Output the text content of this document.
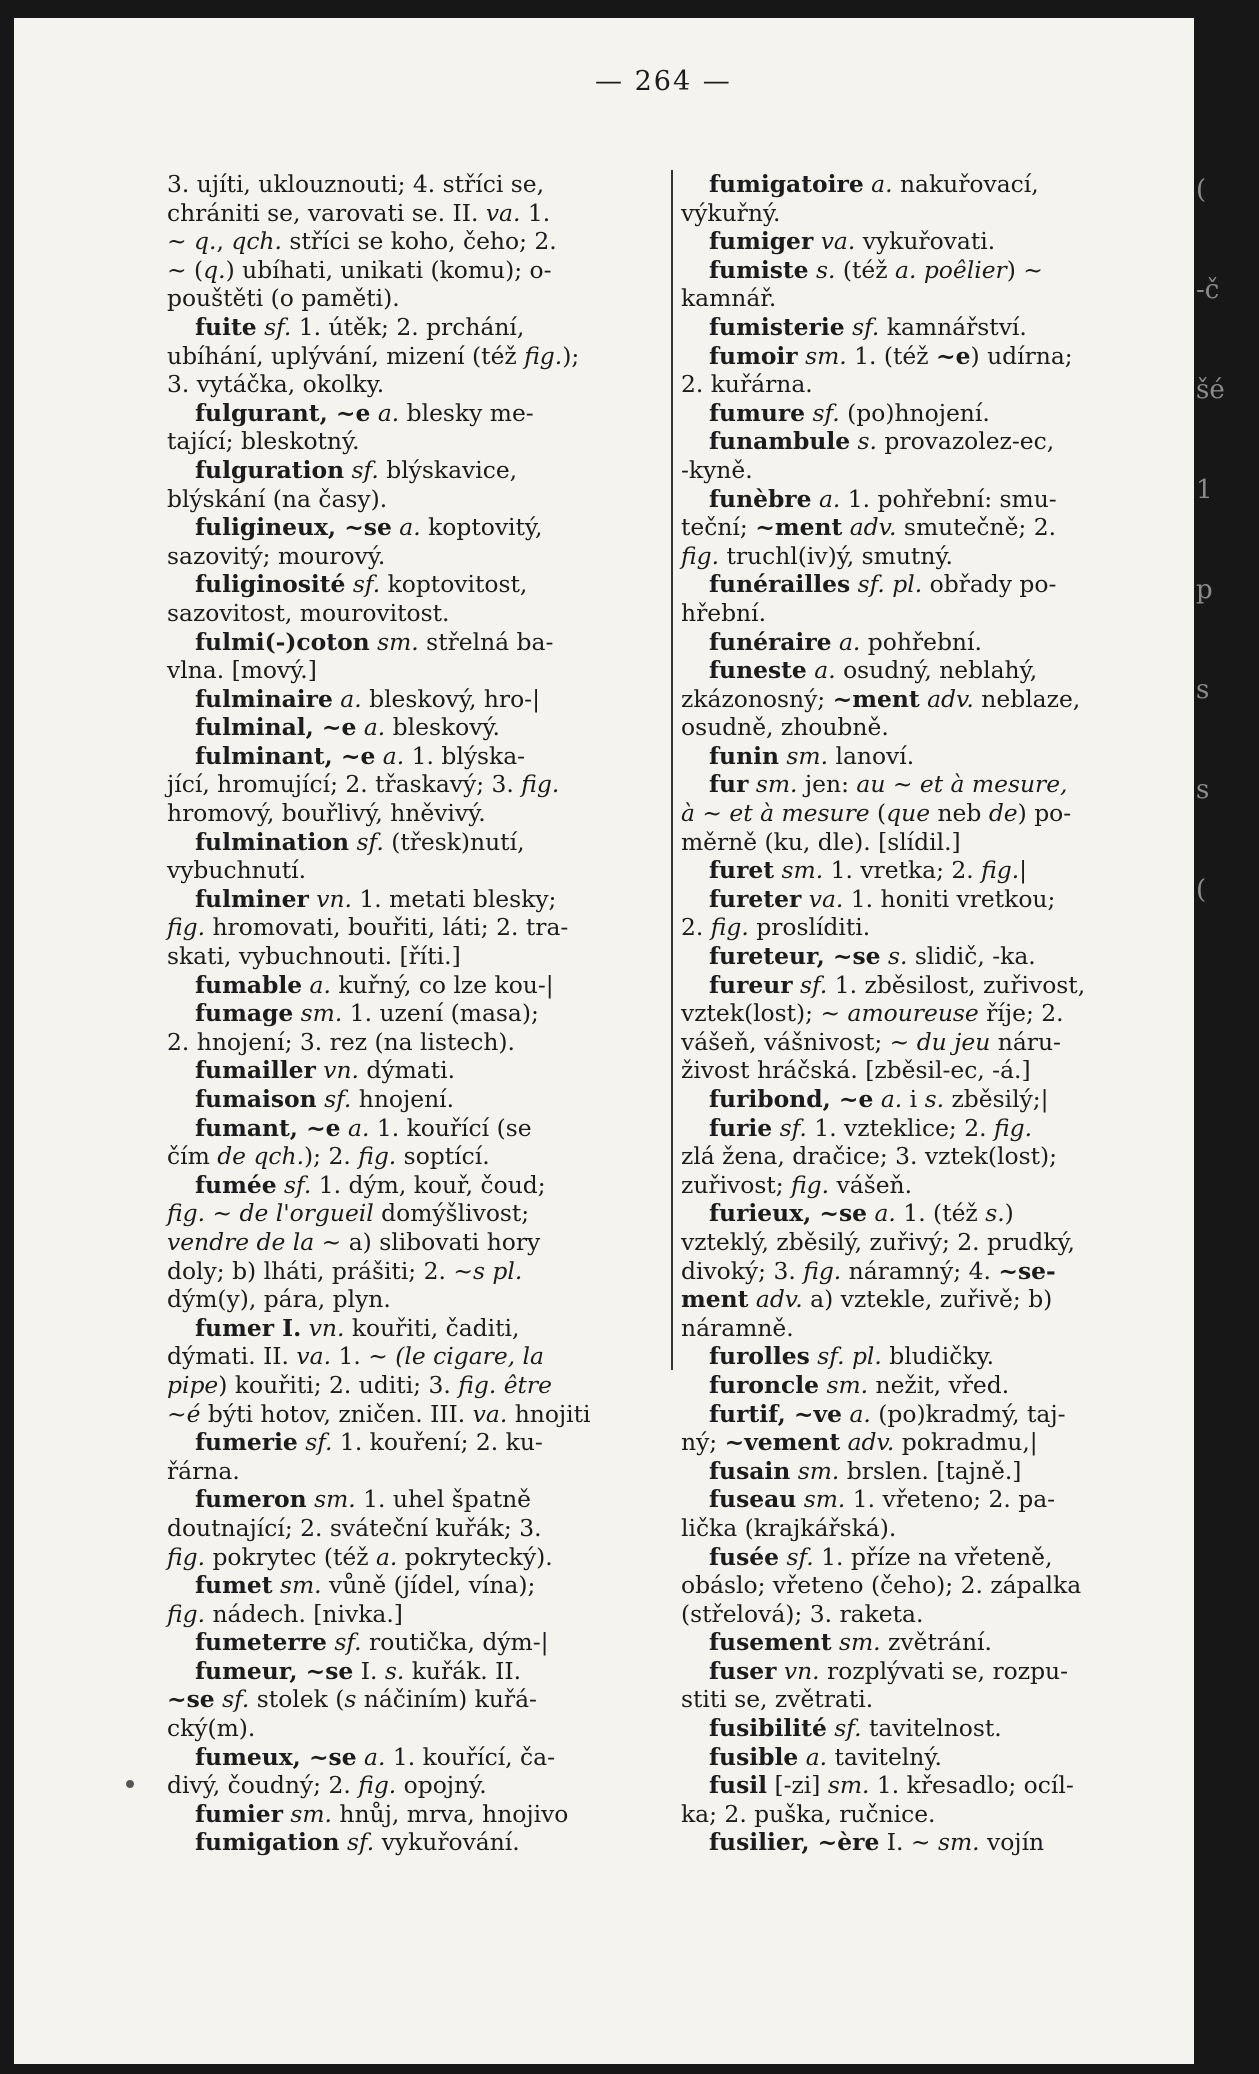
(
-č
šé
1
p
s
s
(
— 264 —
3. ujíti, uklouznouti; 4. stříci se,
chrániti se, varovati se. II. va. 1.
~ q., qch. stříci se koho, čeho; 2.
~ (q.) ubíhati, unikati (komu); o-
pouštěti (o paměti).
fuite sf. 1. útěk; 2. prchání,
ubíhání, uplývání, mizení (též fig.);
3. vytáčka, okolky.
fulgurant, ~e a. blesky me-
tající; bleskotný.
fulguration sf. blýskavice,
blýskání (na časy).
fuligineux, ~se a. koptovitý,
sazovitý; mourový.
fuliginosité sf. koptovitost,
sazovitost, mourovitost.
fulmi(-)coton sm. střelná ba-
vlna. [mový.]
fulminaire a. bleskový, hro-|
fulminal, ~e a. bleskový.
fulminant, ~e a. 1. blýska-
jící, hromující; 2. třaskavý; 3. fig.
hromový, bouřlivý, hněvivý.
fulmination sf. (třesk)nutí,
vybuchnutí.
fulminer vn. 1. metati blesky;
fig. hromovati, bouřiti, láti; 2. tra-
skati, vybuchnouti. [říti.]
fumable a. kuřný, co lze kou-|
fumage sm. 1. uzení (masa);
2. hnojení; 3. rez (na listech).
fumailler vn. dýmati.
fumaison sf. hnojení.
fumant, ~e a. 1. kouřící (se
čím de qch.); 2. fig. soptící.
fumée sf. 1. dým, kouř, čoud;
fig. ~ de l'orgueil domýšlivost;
vendre de la ~ a) slibovati hory
doly; b) lháti, prášiti; 2. ~s pl.
dým(y), pára, plyn.
fumer I. vn. kouřiti, čaditi,
dýmati. II. va. 1. ~ (le cigare, la
pipe) kouřiti; 2. uditi; 3. fig. être
~é býti hotov, zničen. III. va. hnojiti
fumerie sf. 1. kouření; 2. ku-
řárna.
fumeron sm. 1. uhel špatně
doutnající; 2. sváteční kuřák; 3.
fig. pokrytec (též a. pokrytecký).
fumet sm. vůně (jídel, vína);
fig. nádech. [nivka.]
fumeterre sf. routička, dým-|
fumeur, ~se I. s. kuřák. II.
~se sf. stolek (s náčiním) kuřá-
cký(m).
fumeux, ~se a. 1. kouřící, ča-
divý, čoudný; 2. fig. opojný.
fumier sm. hnůj, mrva, hnojivo
fumigation sf. vykuřování.
fumigatoire a. nakuřovací,
výkuřný.
fumiger va. vykuřovati.
fumiste s. (též a. poêlier) ~
kamnář.
fumisterie sf. kamnářství.
fumoir sm. 1. (též ~e) udírna;
2. kuřárna.
fumure sf. (po)hnojení.
funambule s. provazolez-ec,
-kyně.
funèbre a. 1. pohřební: smu-
teční; ~ment adv. smutečně; 2.
fig. truchl(iv)ý, smutný.
funérailles sf. pl. obřady po-
hřební.
funéraire a. pohřební.
funeste a. osudný, neblahý,
zkázonosný; ~ment adv. neblaze,
osudně, zhoubně.
funin sm. lanoví.
fur sm. jen: au ~ et à mesure,
à ~ et à mesure (que neb de) po-
měrně (ku, dle). [slídil.]
furet sm. 1. vretka; 2. fig.|
fureter va. 1. honiti vretkou;
2. fig. proslíditi.
fureteur, ~se s. slidič, -ka.
fureur sf. 1. zběsilost, zuřivost,
vztek(lost); ~ amoureuse říje; 2.
vášeň, vášnivost; ~ du jeu náru-
živost hráčská. [zběsil-ec, -á.]
furibond, ~e a. i s. zběsilý;|
furie sf. 1. vzteklice; 2. fig.
zlá žena, dračice; 3. vztek(lost);
zuřivost; fig. vášeň.
furieux, ~se a. 1. (též s.)
vzteklý, zběsilý, zuřivý; 2. prudký,
divoký; 3. fig. náramný; 4. ~se-
ment adv. a) vztekle, zuřivě; b)
náramně.
furolles sf. pl. bludičky.
furoncle sm. nežit, vřed.
furtif, ~ve a. (po)kradmý, taj-
ný; ~vement adv. pokradmu,|
fusain sm. brslen. [tajně.]
fuseau sm. 1. vřeteno; 2. pa-
lička (krajkářská).
fusée sf. 1. příze na vřeteně,
obáslo; vřeteno (čeho); 2. zápalka
(střelová); 3. raketa.
fusement sm. zvětrání.
fuser vn. rozplývati se, rozpu-
stiti se, zvětrati.
fusibilité sf. tavitelnost.
fusible a. tavitelný.
fusil [-zi] sm. 1. křesadlo; ocíl-
ka; 2. puška, ručnice.
fusilier, ~ère I. ~ sm. vojín
